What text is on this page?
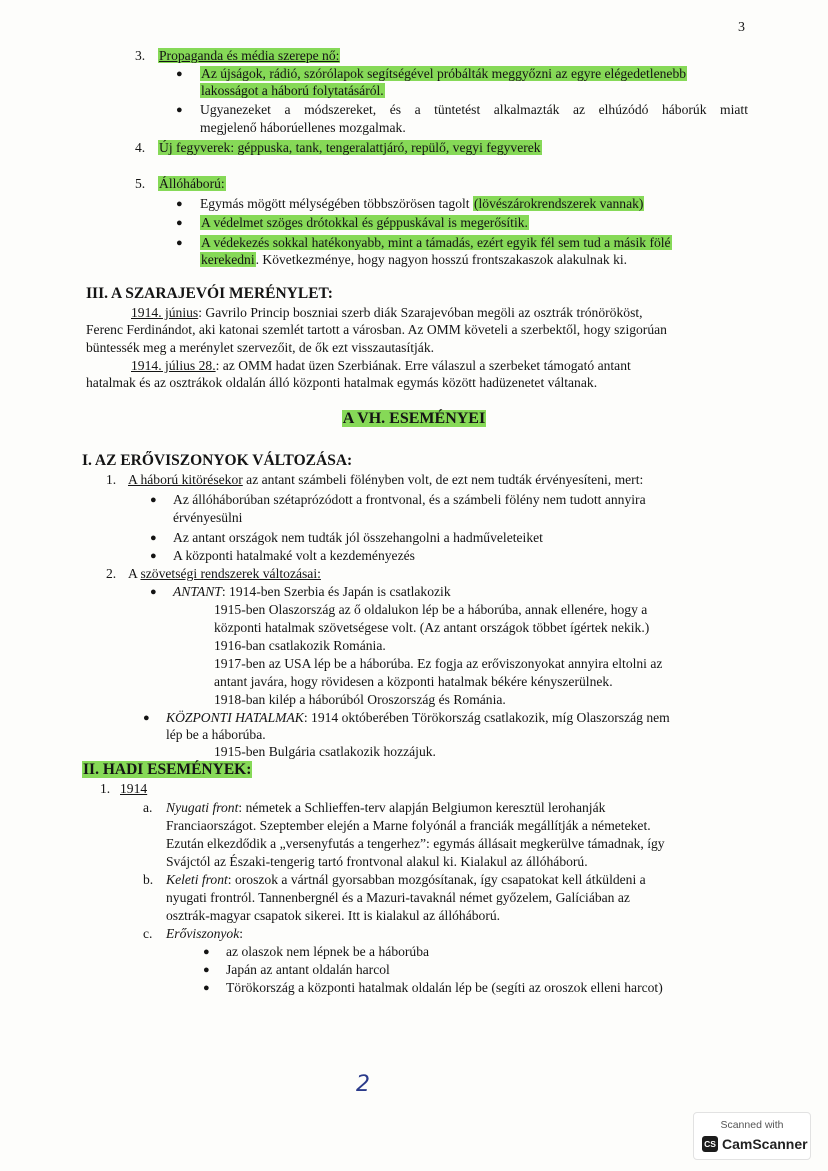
3
3. Propaganda és média szerepe nő:
● Az újságok, rádió, szórólapok segítségével próbálták meggyőzni az egyre elégedetlenebb
lakosságot a háború folytatásáról.
● Ugyanezeket a módszereket, és a tüntetést alkalmazták az elhúzódó háborúk miatt
megjelenő háborúellenes mozgalmak.
4. Új fegyverek: géppuska, tank, tengeralattjáró, repülő, vegyi fegyverek
5. Állóháború:
● Egymás mögött mélységében többszörösen tagolt (lövészárokrendszerek vannak)
● A védelmet szöges drótokkal és géppuskával is megerősítik.
● A védekezés sokkal hatékonyabb, mint a támadás, ezért egyik fél sem tud a másik fölé
kerekedni. Következménye, hogy nagyon hosszú frontszakaszok alakulnak ki.
III. A SZARAJEVÓI MERÉNYLET:
1914. június: Gavrilo Princip boszniai szerb diák Szarajevóban megöli az osztrák trónörököst,
Ferenc Ferdinándot, aki katonai szemlét tartott a városban. Az OMM követeli a szerbektől, hogy szigorúan
büntessék meg a merénylet szervezőit, de ők ezt visszautasítják.
1914. július 28.: az OMM hadat üzen Szerbiának. Erre válaszul a szerbeket támogató antant
hatalmak és az osztrákok oldalán álló központi hatalmak egymás között hadüzenetet váltanak.
A VH. ESEMÉNYEI
I. AZ ERŐVISZONYOK VÁLTOZÁSA:
1. A háború kitörésekor az antant számbeli fölényben volt, de ezt nem tudták érvényesíteni, mert:
● Az állóháborúban szétaprózódott a frontvonal, és a számbeli fölény nem tudott annyira
érvényesülni
● Az antant országok nem tudták jól összehangolni a hadműveleteiket
● A központi hatalmaké volt a kezdeményezés
2. A szövetségi rendszerek változásai:
● ANTANT: 1914-ben Szerbia és Japán is csatlakozik
1915-ben Olaszország az ő oldalukon lép be a háborúba, annak ellenére, hogy a
központi hatalmak szövetségese volt. (Az antant országok többet ígértek nekik.)
1916-ban csatlakozik Románia.
1917-ben az USA lép be a háborúba. Ez fogja az erőviszonyokat annyira eltolni az
antant javára, hogy rövidesen a központi hatalmak békére kényszerülnek.
1918-ban kilép a háborúból Oroszország és Románia.
● KÖZPONTI HATALMAK: 1914 októberében Törökország csatlakozik, míg Olaszország nem
lép be a háborúba.
1915-ben Bulgária csatlakozik hozzájuk.
II. HADI ESEMÉNYEK:
1. 1914
a. Nyugati front: németek a Schlieffen-terv alapján Belgiumon keresztül lerohanják
Franciaországot. Szeptember elején a Marne folyónál a franciák megállítják a németeket.
Ezután elkezdődik a „versenyfutás a tengerhez”: egymás állásait megkerülve támadnak, így
Svájctól az Északi-tengerig tartó frontvonal alakul ki. Kialakul az állóháború.
b. Keleti front: oroszok a vártnál gyorsabban mozgósítanak, így csapatokat kell átküldeni a
nyugati frontról. Tannenbergnél és a Mazuri-tavaknál német győzelem, Galíciában az
osztrák-magyar csapatok sikerei. Itt is kialakul az állóháború.
c. Erőviszonyok:
● az olaszok nem lépnek be a háborúba
● Japán az antant oldalán harcol
● Törökország a központi hatalmak oldalán lép be (segíti az oroszok elleni harcot)
2
Scanned with
CS CamScanner
